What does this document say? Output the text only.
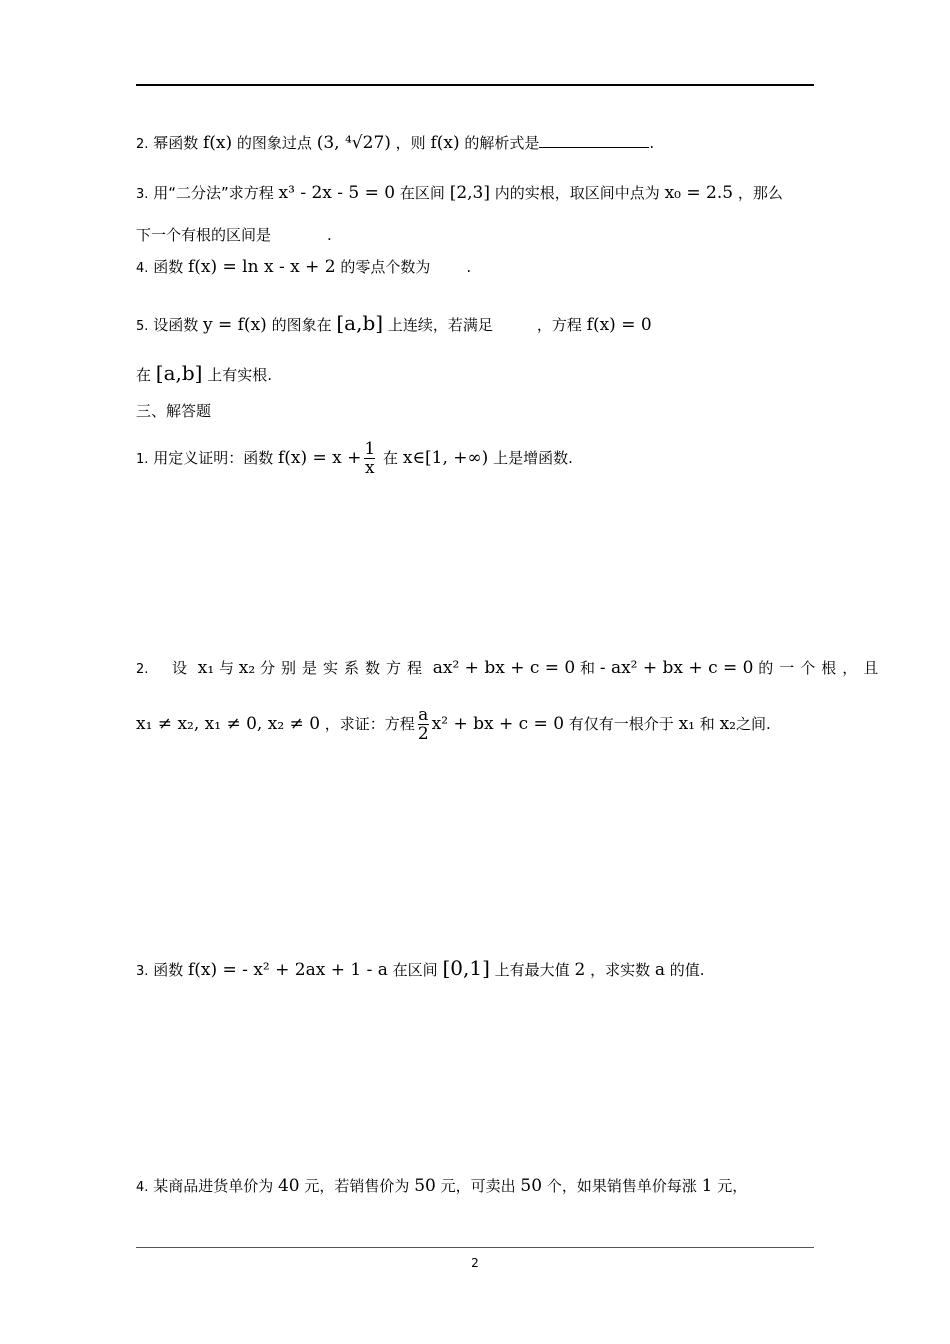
2. 幂函数 f(x) 的图象过点 (3, ⁴√27) ，则 f(x) 的解析式是	.
3. 用“二分法”求方程 x³ - 2x - 5 = 0 在区间 [2,3] 内的实根，取区间中点为 x₀ = 2.5 ，那么
下一个有根的区间是	.
4. 函数 f(x) = ln x - x + 2 的零点个数为 .
5. 设函数 y = f(x) 的图象在 [a,b] 上连续，若满足	，方程 f(x) = 0
在 [a,b] 上有实根.
三、解答题
1. 用定义证明：函数 $f(x) = x + \frac{1}{x}$ 在 x∈[1, +∞) 上是增函数.
2. 设 x₁ 与 x₂ 分别是实系数方程 ax² + bx + c = 0 和 - ax² + bx + c = 0 的一个根，且
x₁ ≠ x₂, x₁ ≠ 0, x₂ ≠ 0 ，求证：方程 $\frac{a}{2} x^2$ + bx + c = 0 有仅有一根介于 x₁ 和 x₂之间.
3. 函数 f(x) = - x² + 2ax + 1 - a 在区间 [0,1] 上有最大值 2 ，求实数 a 的值.
4. 某商品进货单价为 40 元，若销售价为 50 元，可卖出 50 个，如果销售单价每涨 1 元，
2
